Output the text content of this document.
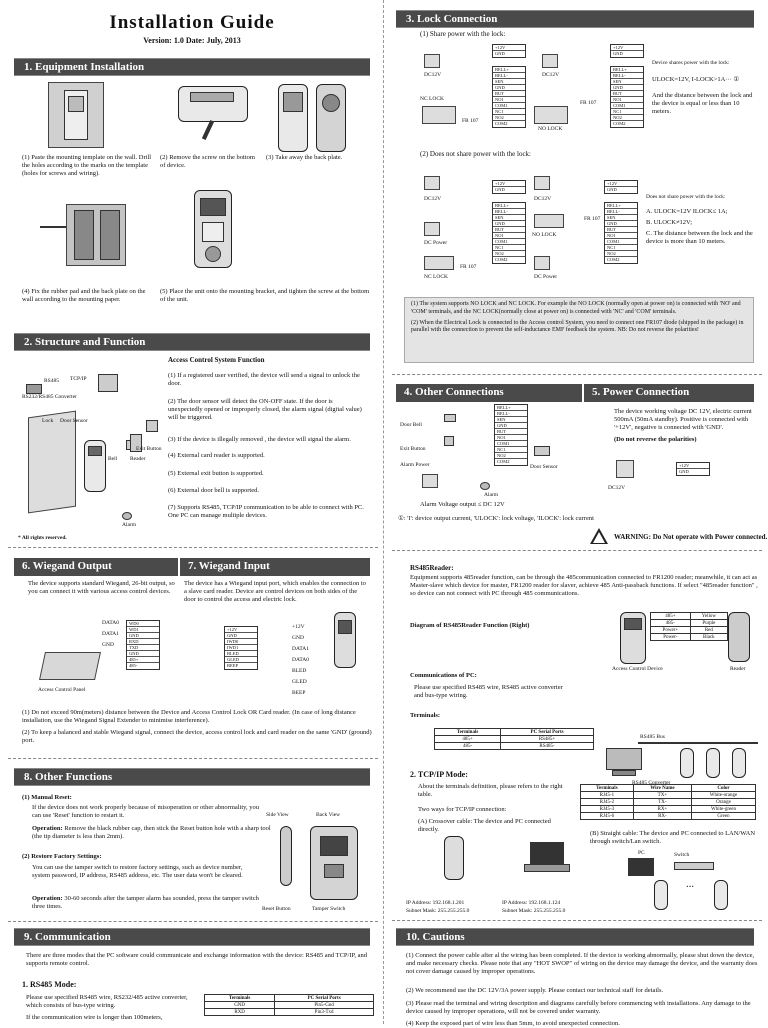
Installation Guide
Version: 1.0 Date: July, 2013
1. Equipment Installation
(1) Paste the mounting template on the wall. Drill the holes according to the marks on the template (holes for screws and wiring).
(2) Remove the screw on the bottom of device.
(3) Take away the back plate.
(4) Fix the rubber pad and the back plate on the wall according to the mounting paper.
(5) Place the unit onto the mounting bracket, and tighten the screw at the bottom of the unit.
2. Structure and Function
RS485 TCP/IP
RS232/RS485 Converter
Lock Door Sensor
Bell Reader
Exit Button
Alarm
Access Control System Function
(1) If a registered user verified, the device will send a signal to unlock the door.
(2) The door sensor will detect the ON-OFF state. If the door is unexpectedly opened or improperly closed, the alarm signal (digital value) will be triggered.
(3) If the device is illegally removed , the device will signal the alarm.
(4) External card reader is supported.
(5) External exit button is supported.
(6) External door bell is supported.
(7) Supports RS485, TCP/IP communication to be able to connect with PC. One PC can manage multiple devices.
* All rights reserved.
6. Wiegand Output	7. Wiegand Input
The device supports standard Wiegand, 26-bit output, so you can connect it with various access control devices.
The device has a Wiegand input port, which enables the connection to a slave card reader. Device are control devices on both sides of the door to control the access and electric lock.
DATA0
DATA1
GND
Access Control Panel
WD0
WD1
GND
RXD
TXD
GND
485+
485-
+12V
GND
IWD0
IWD1
BLED
GLED
BEEP
+12V
GND
DATA1
DATA0
BLED
GLED
BEEP
(1) Do not exceed 90m(meters) distance between the Device and Access Control Lock OR Card reader. (In case of long distance installation, use the Wiegand Signal Extender to minimise interference).
(2) To keep a balanced and stable Wiegand signal, connect the device, access control lock and card reader on the same 'GND' (ground) port.
8. Other Functions
(1) Manual Reset:
If the device does not work properly because of misoperation or other abnormality, you can use 'Reset' function to restart it.
Operation: Remove the black rubber cap, then stick the Reset button hole with a sharp tool (the tip diameter is less than 2mm).
(2) Restore Factory Settings:
You can use the tamper switch to restore factory settings, such as device number, system password, IP address, RS485 address, etc. The user data won't be cleared.
Operation: 30-60 seconds after the tamper alarm has sounded, press the tamper switch three times.
Side View	Back View
Reset Button	Tamper Switch
9. Communication
There are three modes that the PC software could communicate and exchange information with the device: RS485 and TCP/IP, and supports remote control.
1. RS485 Mode:
Please use specified RS485 wire, RS232/485 active converter, which consists of bus-type wiring.
If the communication wire is longer than 100meters,
Terminals	PC Serial Ports
GND	Pin5-Gnd
RXD	Pin3-Txd
3. Lock Connection
(1) Share power with the lock:
DC12V	DC12V
+12V
GND
BELL+
BELL-
SEN
GND
BUT
NO1
COM1
NC1
NO2
COM2
+12V
GND
BELL+
BELL-
SEN
GND
BUT
NO1
COM1
NC1
NO2
COM2
NC LOCK
FR 107
NO LOCK
FR 107
Device shares power with the lock:
ULOCK=12V, I-LOCK>1A··· ①
And the distance between the lock and the device is equal or less than 10 meters.
(2) Does not share power with the lock:
DC12V	DC12V
+12V
GND
BELL+
BELL-
SEN
GND
BUT
NO1
COM1
NC1
NO2
COM2
+12V
GND
BELL+
BELL-
SEN
GND
BUT
NO1
COM1
NC1
NO2
COM2
DC Power
NO LOCK
FR 107
FR 107
NC LOCK	DC Power
Does not share power with the lock:
A. ULOCK=12V ILOCK≤ 1A;
B. ULOCK≠12V;
C. The distance between the lock and the device is more than 10 meters.
(1) The system supports NO LOCK and NC LOCK. For example the NO LOCK (normally open at power on) is connected with 'NO' and 'COM' terminals, and the NC LOCK(normally close at power on) is connected with 'NC' and 'COM' terminals.
(2) When the Electrical Lock is connected to the Access control System, you need to connect one FR107 diode (shipped in the package) in parallel with the connection to prevent the self-inductance EMF feedback the system. NB: Do not reverse the polarities!
4. Other Connections	5. Power Connection
Door Bell
Exit Button
Alarm Power
BELL+
BELL-
SEN
GND
BUT
NO1
COM1
NC1
NO2
COM2
Door Sensor
Alarm
Alarm Voltage output ≤ DC 12V
The device working voltage DC 12V, electric current 500mA (50mA standby). Positive is connected with '+12V', negative is connected with 'GND'.
(Do not reverse the polarities)
DC12V
+12V
GND
①: 'I': device output current, 'ULOCK': lock voltage, 'ILOCK': lock current
WARNING: Do Not operate with Power connected.
RS485Reader:
Equipment supports 485reader function, can be through the 485communication connected to FR1200 reader; meanwhile, it can act as Master-slave which device for master, FR1200 reader for slaver, achieve 485 Anti-passback functions. If select "485reader function" , so device can not connect with PC through 485 communications.
Diagram of RS485Reader Function (Right)
485+	Yellow
485-	Purple
Power+	Red
Power-	Black
Access Control Device	Reader
Communications of PC:
Please use specified RS485 wire, RS485 active converter and bus-type wiring.
Terminals:
Terminals	PC Serial Ports
485+	RS485+
485-	RS485-
RS485 Converter
RS485 Bus
2. TCP/IP Mode:
About the terminals definition, please refers to the right table.
Two ways for TCP/IP connection:
(A) Crossover cable: The device and PC connected directly.
Terminals	Wire Name	Color
RJ45-1	TX+	White-orange
RJ45-2	TX-	Orange
RJ45-3	RX+	White-green
RJ45-6	RX-	Green
(B) Straight cable: The device and PC connected to LAN/WAN through switch/Lan switch.
IP Address: 192.168.1.201
Subnet Mask: 255.255.255.0
IP Address: 192.168.1.124
Subnet Mask: 255.255.255.0
PC	Switch
…
10. Cautions
(1) Connect the power cable after al the wiring has been completed. If the device is working abnormally, please shut down the device, and make necessary checks. Please note that any "HOT SWOP" of wiring on the device may damage the device, and the warranty does not cover damage caused by improper operations.
(2) We recommend use the DC 12V/3A power supply. Please contact our technical staff for details.
(3) Please read the terminal and wiring description and diagrams carefully before commencing with installations. Any damage to the device caused by improper operations, will not be covered under warranty.
(4) Keep the exposed part of wire less than 5mm, to avoid unexpected connection.
